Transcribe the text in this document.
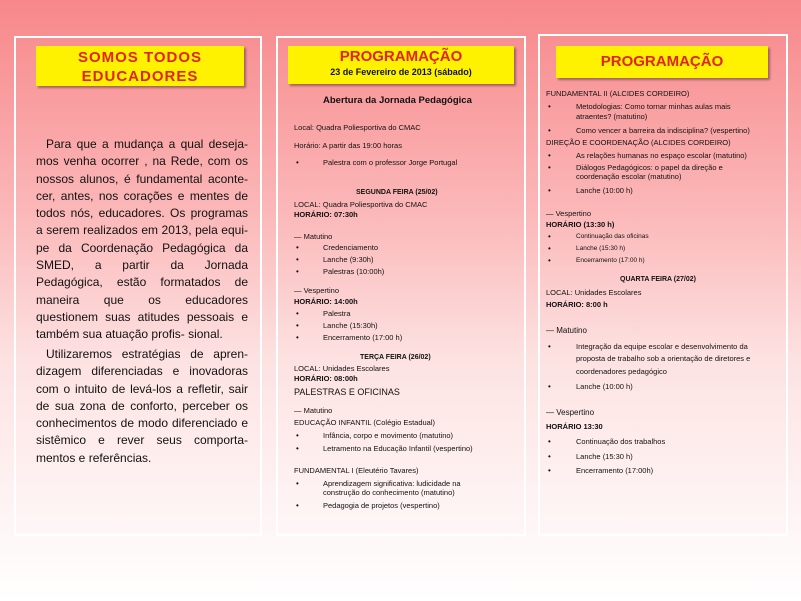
SOMOS TODOS
EDUCADORES
Para que a mudança a qual deseja- mos venha ocorrer , na Rede, com os nossos alunos, é fundamental aconte- cer, antes, nos corações e mentes de todos nós, educadores. Os programas a serem realizados em 2013, pela equi- pe da Coordenação Pedagógica da SMED, a partir da Jornada Pedagógica, estão formatados de maneira que os educadores questionem suas atitudes pessoais e também sua atuação profis- sional.
Utilizaremos estratégias de apren- dizagem diferenciadas e inovadoras com o intuito de levá-los a refletir, sair de sua zona de conforto, perceber os conhecimentos de modo diferenciado e sistêmico e rever seus comporta- mentos e referências.
PROGRAMAÇÃO
23 de Fevereiro de 2013 (sábado)
Abertura da Jornada Pedagógica
Local: Quadra Poliesportiva do CMAC
Horário: A partir das 19:00 horas
•	Palestra com o professor Jorge Portugal
SEGUNDA FEIRA (25/02)
LOCAL: Quadra Poliesportiva do CMAC
HORÁRIO: 07:30h
— Matutino
•	Credenciamento
•	Lanche (9:30h)
•	Palestras (10:00h)
— Vespertino
HORÁRIO: 14:00h
•	Palestra
•	Lanche (15:30h)
•	Encerramento (17:00 h)
TERÇA FEIRA (26/02)
LOCAL: Unidades Escolares
HORÁRIO: 08:00h
PALESTRAS E OFICINAS
— Matutino
EDUCAÇÃO INFANTIL (Colégio Estadual)
•	Infância, corpo e movimento (matutino)
•	Letramento na Educação Infantil (vespertino)
FUNDAMENTAL I (Eleutério Tavares)
•	Aprendizagem significativa: ludicidade na
construção do conhecimento (matutino)
•	Pedagogia de projetos (vespertino)
PROGRAMAÇÃO
FUNDAMENTAL II (ALCIDES CORDEIRO)
•	Metodologias: Como tornar minhas aulas mais
atraentes? (matutino)
•	Como vencer a barreira da indisciplina? (vespertino)
DIREÇÃO E COORDENAÇÃO (ALCIDES CORDEIRO)
•	As relações humanas no espaço escolar (matutino)
•	Diálogos Pedagógicos: o papel da direção e
coordenação escolar (matutino)
•	Lanche (10:00 h)
— Vespertino
HORÁRIO (13:30 h)
•	Continuação das oficinas
•	Lanche (15:30 h)
•	Encerramento (17:00 h)
QUARTA FEIRA (27/02)
LOCAL: Unidades Escolares
HORÁRIO: 8:00 h
— Matutino
•	Integração da equipe escolar e desenvolvimento da
proposta de trabalho sob a orientação de diretores e
coordenadores pedagógico
•	Lanche (10:00 h)
— Vespertino
HORÁRIO 13:30
•	Continuação dos trabalhos
•	Lanche (15:30 h)
•	Encerramento (17:00h)
